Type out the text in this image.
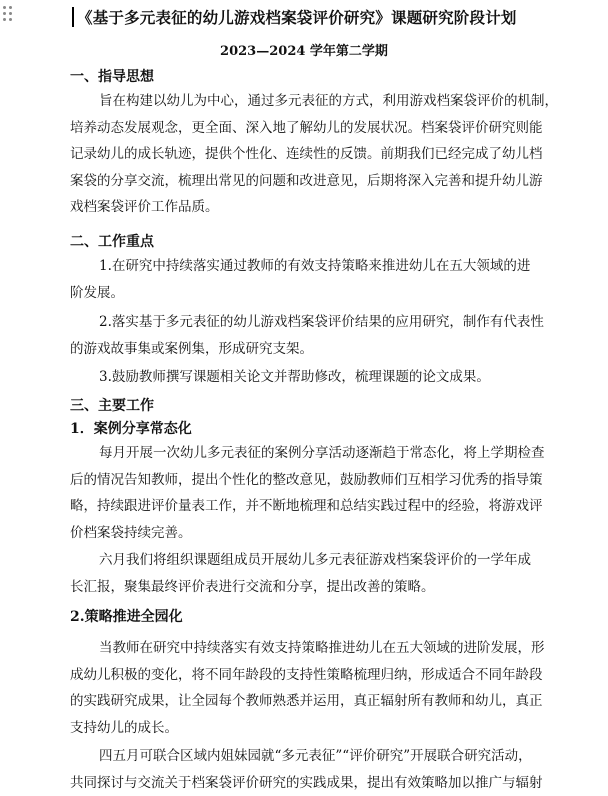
《基于多元表征的幼儿游戏档案袋评价研究》课题研究阶段计划
2023—2024 学年第二学期
一、指导思想
旨在构建以幼儿为中心，通过多元表征的方式，利用游戏档案袋评价的机制，
培养动态发展观念，更全面、深入地了解幼儿的发展状况。档案袋评价研究则能
记录幼儿的成长轨迹，提供个性化、连续性的反馈。前期我们已经完成了幼儿档
案袋的分享交流，梳理出常见的问题和改进意见，后期将深入完善和提升幼儿游
戏档案袋评价工作品质。
二、工作重点
1.在研究中持续落实通过教师的有效支持策略来推进幼儿在五大领域的进
阶发展。
2.落实基于多元表征的幼儿游戏档案袋评价结果的应用研究，制作有代表性
的游戏故事集或案例集，形成研究支架。
3.鼓励教师撰写课题相关论文并帮助修改，梳理课题的论文成果。
三、主要工作
1．案例分享常态化
每月开展一次幼儿多元表征的案例分享活动逐渐趋于常态化，将上学期检查
后的情况告知教师，提出个性化的整改意见，鼓励教师们互相学习优秀的指导策
略，持续跟进评价量表工作，并不断地梳理和总结实践过程中的经验，将游戏评
价档案袋持续完善。
六月我们将组织课题组成员开展幼儿多元表征游戏档案袋评价的一学年成
长汇报，聚集最终评价表进行交流和分享，提出改善的策略。
2.策略推进全园化
当教师在研究中持续落实有效支持策略推进幼儿在五大领域的进阶发展，形
成幼儿积极的变化，将不同年龄段的支持性策略梳理归纳，形成适合不同年龄段
的实践研究成果，让全园每个教师熟悉并运用，真正辐射所有教师和幼儿，真正
支持幼儿的成长。
四五月可联合区域内姐妹园就“多元表征”“评价研究”开展联合研究活动，
共同探讨与交流关于档案袋评价研究的实践成果，提出有效策略加以推广与辐射
